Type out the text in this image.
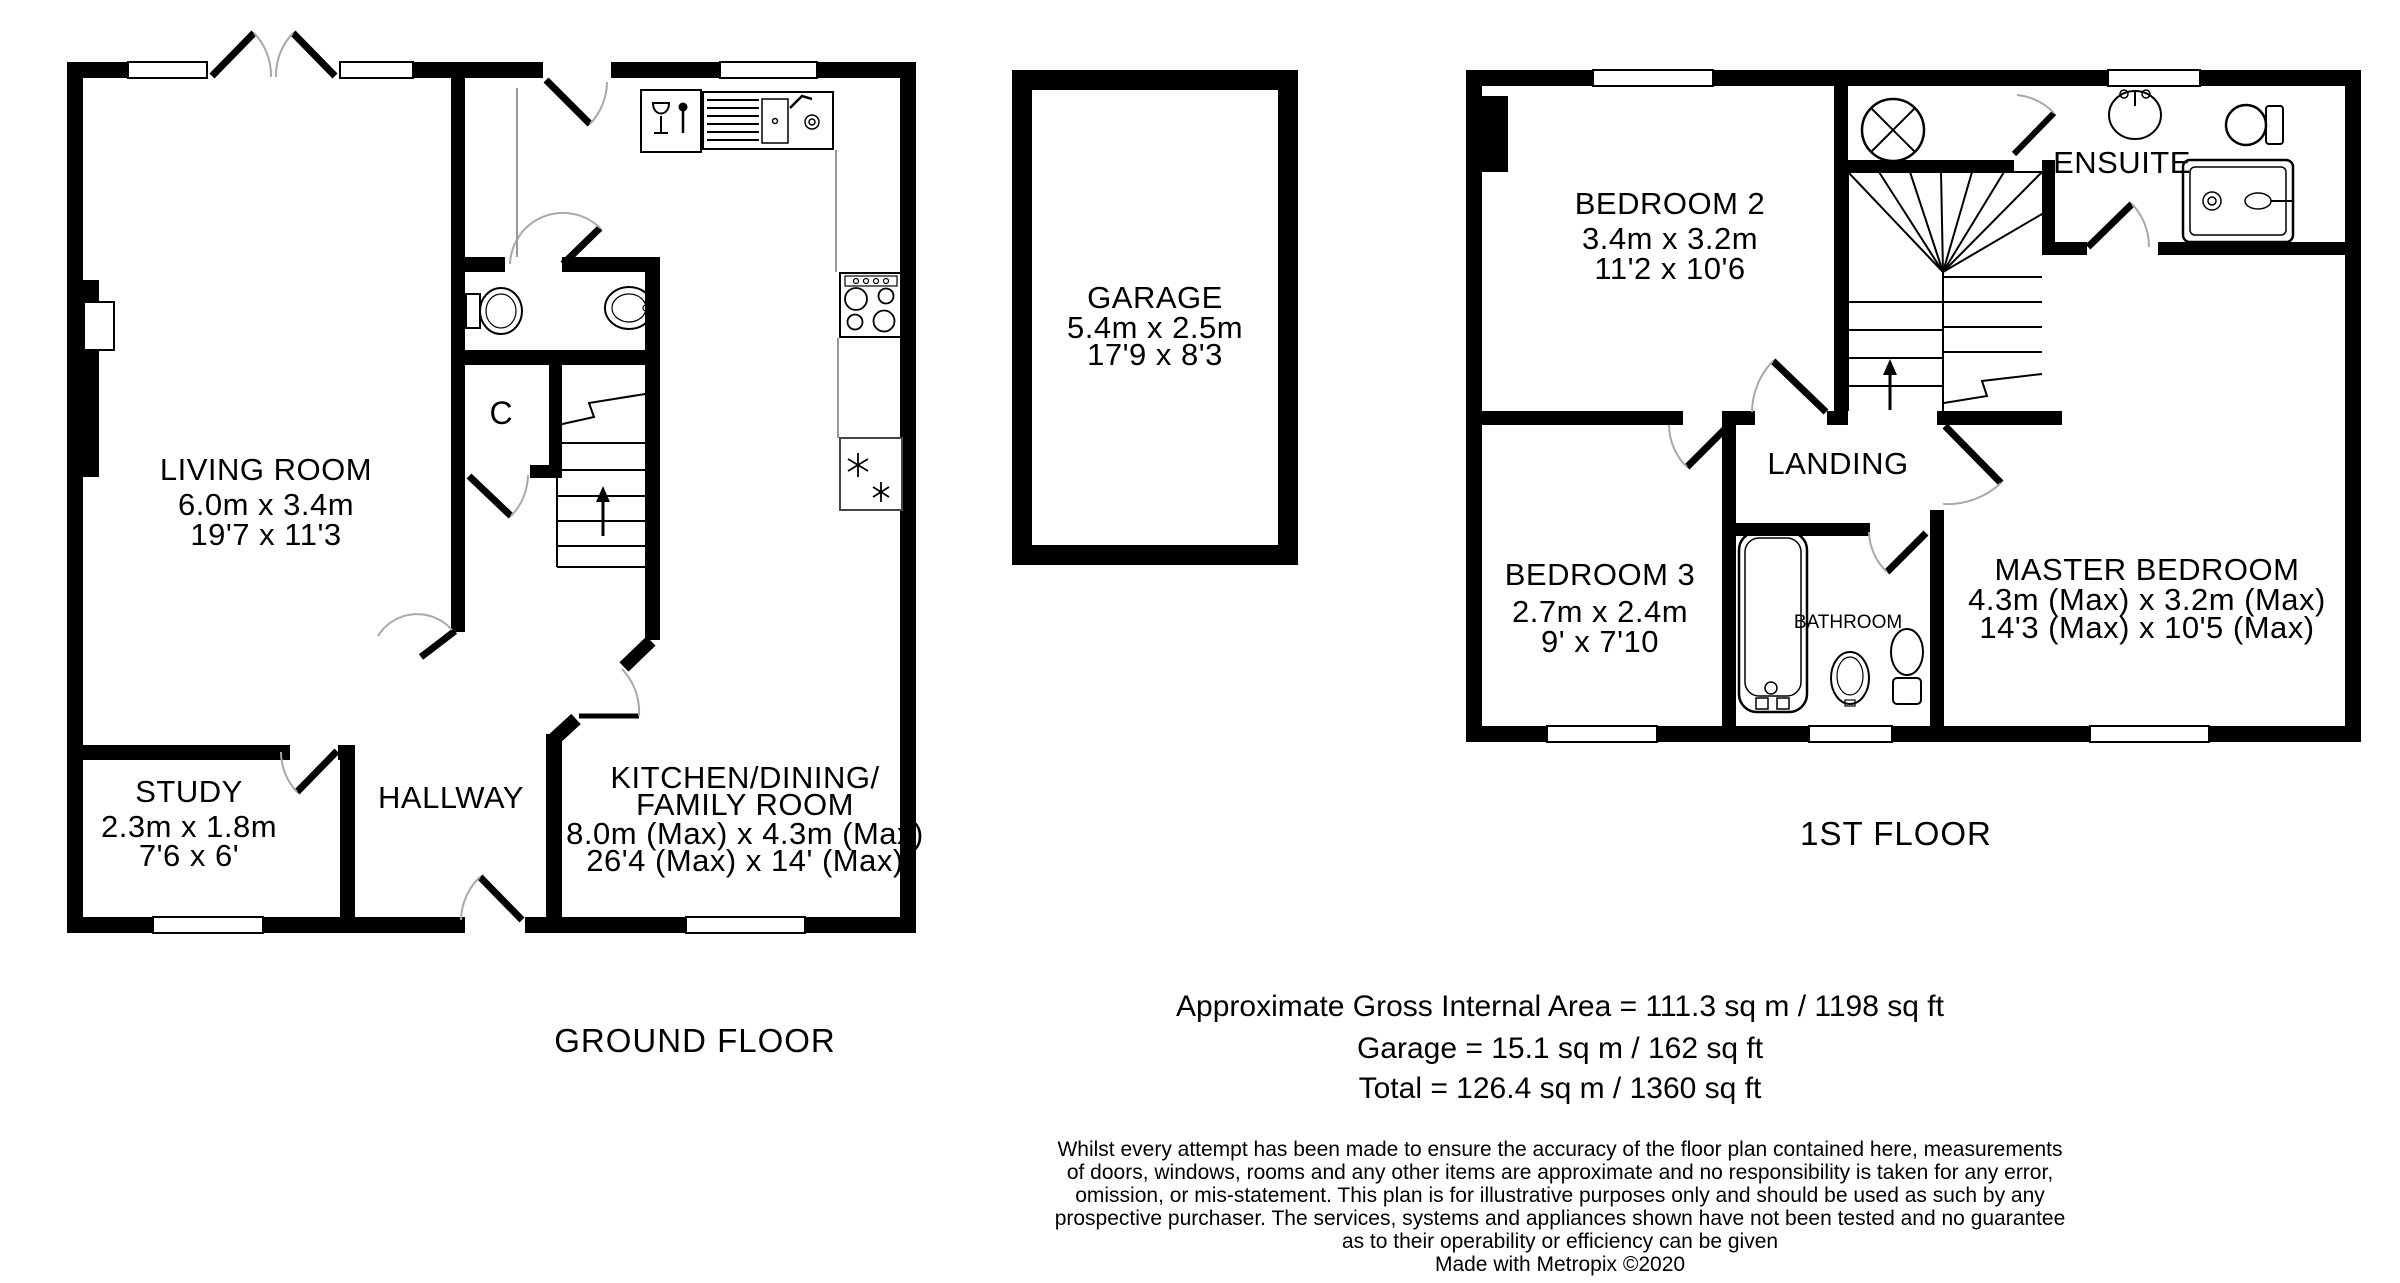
LIVING ROOM
6.0m x 3.4m
19'7 x 11'3
STUDY
2.3m x 1.8m
7'6 x 6'
HALLWAY
KITCHEN/DINING/
FAMILY ROOM
8.0m (Max) x 4.3m (Max)
26'4 (Max) x 14' (Max)
C
GARAGE
5.4m x 2.5m
17'9 x 8'3
BEDROOM 2
3.4m x 3.2m
11'2 x 10'6
ENSUITE
LANDING
BEDROOM 3
2.7m x 2.4m
9' x 7'10
BATHROOM
MASTER BEDROOM
4.3m (Max) x 3.2m (Max)
14'3 (Max) x 10'5 (Max)
GROUND FLOOR
1ST FLOOR
Approximate Gross Internal Area = 111.3 sq m / 1198 sq ft
Garage = 15.1 sq m / 162 sq ft
Total = 126.4 sq m / 1360 sq ft
Whilst every attempt has been made to ensure the accuracy of the floor plan contained here, measurements
of doors, windows, rooms and any other items are approximate and no responsibility is taken for any error,
omission, or mis-statement. This plan is for illustrative purposes only and should be used as such by any
prospective purchaser. The services, systems and appliances shown have not been tested and no guarantee
as to their operability or efficiency can be given
Made with Metropix ©2020
